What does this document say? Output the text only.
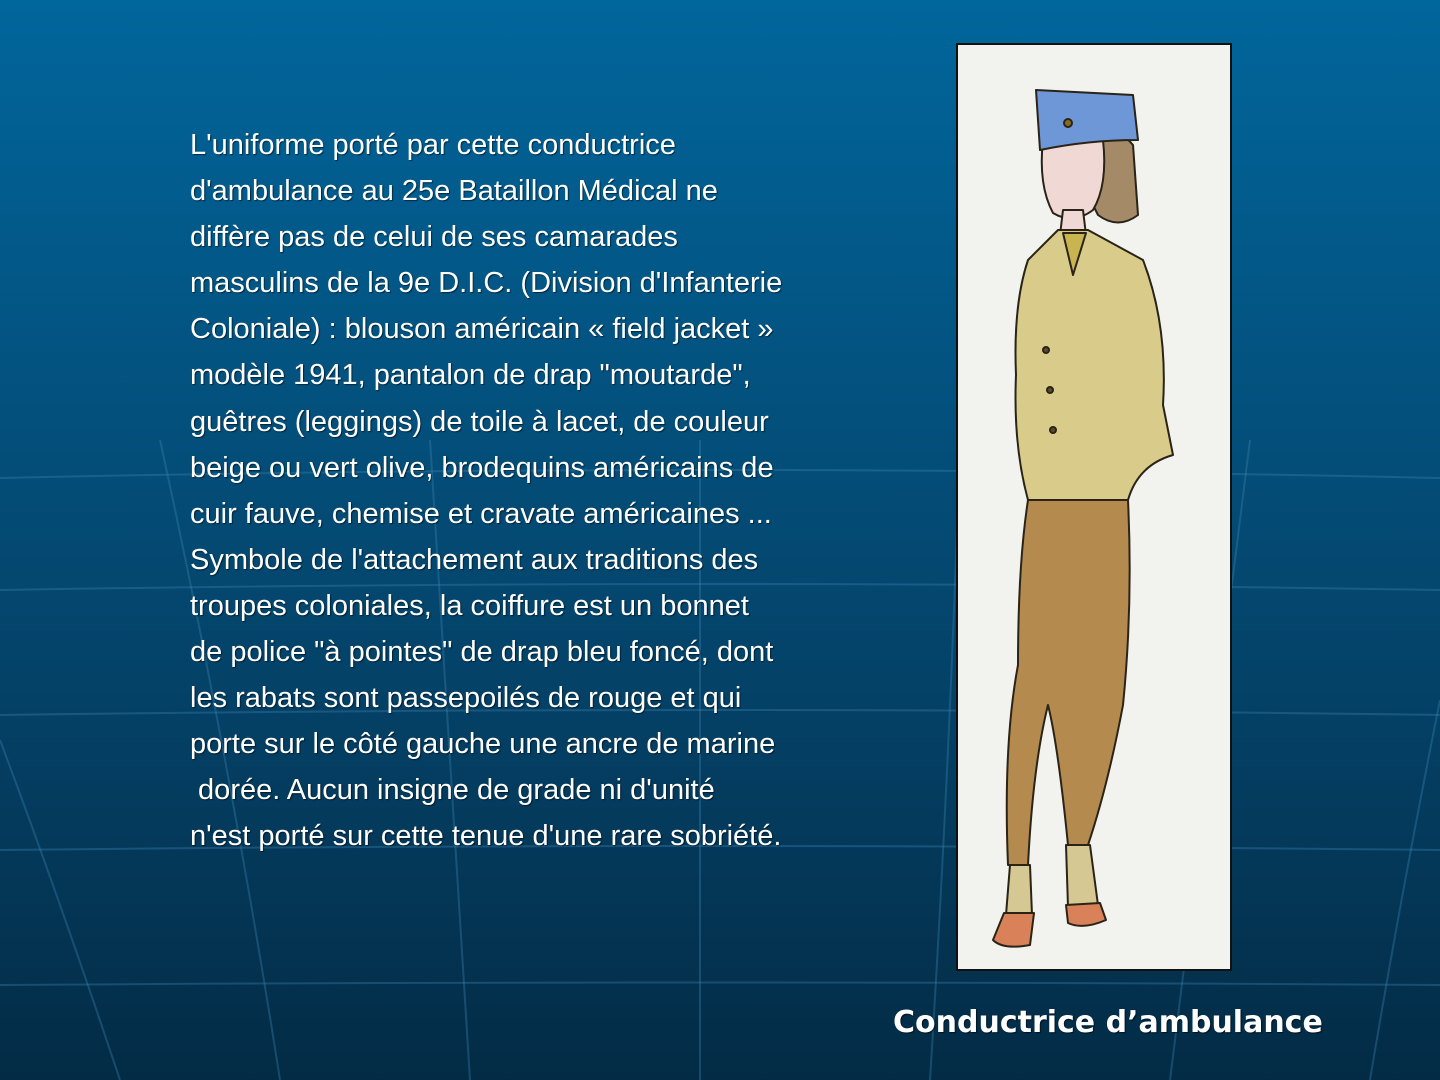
L'uniforme porté par cette conductrice
d'ambulance au 25e Bataillon Médical ne
diffère pas de celui de ses camarades
masculins de la 9e D.I.C. (Division d'Infanterie
Coloniale) : blouson américain « field jacket »
modèle 1941, pantalon de drap "moutarde",
guêtres (leggings) de toile à lacet, de couleur
beige ou vert olive, brodequins américains de
cuir fauve, chemise et cravate américaines ...
Symbole de l'attachement aux traditions des
troupes coloniales, la coiffure est un bonnet
de police "à pointes" de drap bleu foncé, dont
les rabats sont passepoilés de rouge et qui
porte sur le côté gauche une ancre de marine
dorée. Aucun insigne de grade ni d'unité
n'est porté sur cette tenue d'une rare sobriété.
Conductrice d’ambulance
